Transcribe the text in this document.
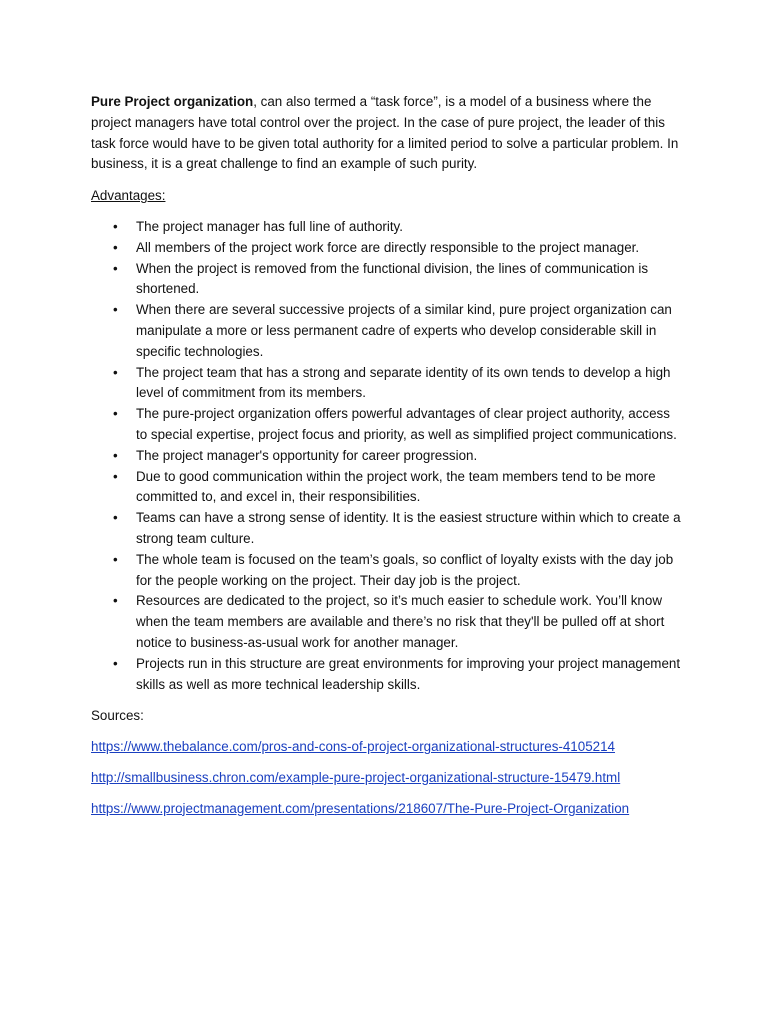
Pure Project organization, can also termed a “task force”, is a model of a business where the project managers have total control over the project. In the case of pure project, the leader of this task force would have to be given total authority for a limited period to solve a particular problem. In business, it is a great challenge to find an example of such purity.

Advantages:
• The project manager has full line of authority.
• All members of the project work force are directly responsible to the project manager.
• When the project is removed from the functional division, the lines of communication is shortened.
• When there are several successive projects of a similar kind, pure project organization can manipulate a more or less permanent cadre of experts who develop considerable skill in specific technologies.
• The project team that has a strong and separate identity of its own tends to develop a high level of commitment from its members.
• The pure-project organization offers powerful advantages of clear project authority, access to special expertise, project focus and priority, as well as simplified project communications.
• The project manager's opportunity for career progression.
• Due to good communication within the project work, the team members tend to be more committed to, and excel in, their responsibilities.
• Teams can have a strong sense of identity. It is the easiest structure within which to create a strong team culture.
• The whole team is focused on the team’s goals, so conflict of loyalty exists with the day job for the people working on the project. Their day job is the project.
• Resources are dedicated to the project, so it’s much easier to schedule work. You’ll know when the team members are available and there’s no risk that they'll be pulled off at short notice to business-as-usual work for another manager.
• Projects run in this structure are great environments for improving your project management skills as well as more technical leadership skills.
Sources:
https://www.thebalance.com/pros-and-cons-of-project-organizational-structures-4105214
http://smallbusiness.chron.com/example-pure-project-organizational-structure-15479.html
https://www.projectmanagement.com/presentations/218607/The-Pure-Project-Organization
